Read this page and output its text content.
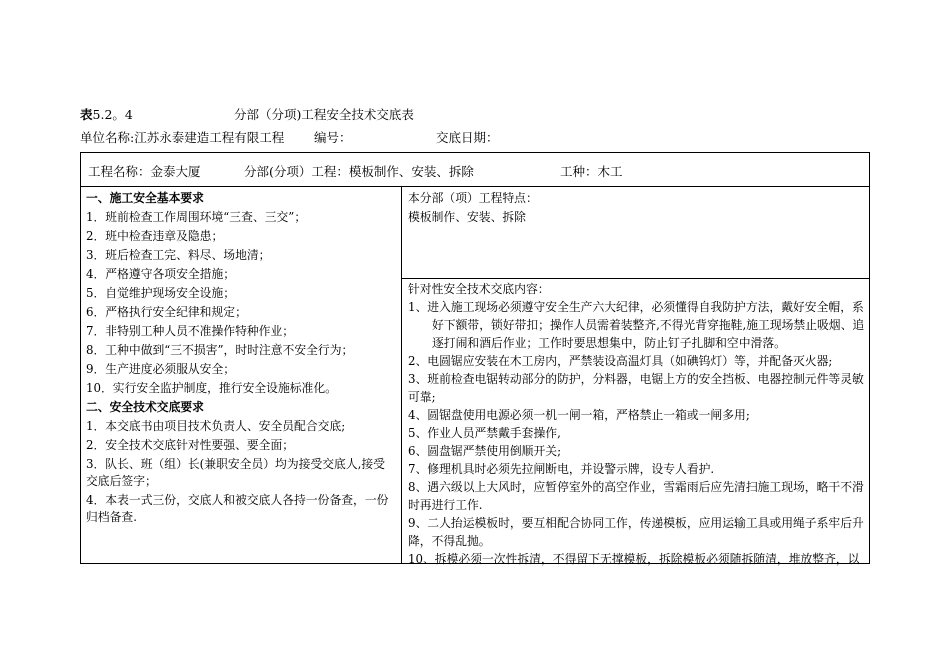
表5.2。4	分部（分项)工程安全技术交底表
单位名称:江苏永泰建造工程有限工程 编号：	交底日期：
工程名称：金泰大厦	分部(分项）工程：模板制作、安装、拆除	工种：木工
一、施工安全基本要求
1．班前检查工作周围环境“三查、三交”；
2．班中检查违章及隐患；
3．班后检查工完、料尽、场地清；
4．严格遵守各项安全措施；
5．自觉维护现场安全设施；
6．严格执行安全纪律和规定；
7．非特别工种人员不准操作特种作业；
8．工种中做到“三不损害”，时时注意不安全行为；
9．生产进度必须服从安全；
10．实行安全监护制度，推行安全设施标准化。
二、安全技术交底要求
1．本交底书由项目技术负责人、安全员配合交底;
2．安全技术交底针对性要强、要全面；
3．队长、班（组）长(兼职安全员）均为接受交底人,接受
交底后签字；
4．本表一式三份，交底人和被交底人各持一份备查，一份
归档备查.
本分部（项）工程特点：
模板制作、安装、拆除
针对性安全技术交底内容：
1、进入施工现场必须遵守安全生产六大纪律，必须懂得自我防护方法，戴好安全帽，系
好下额带，锁好带扣；操作人员需着装整齐,不得光背穿拖鞋,施工现场禁止吸烟、追
逐打闹和酒后作业；工作时要思想集中，防止钉子扎脚和空中滑落。
2、电圆锯应安装在木工房内，严禁装设高温灯具（如碘钨灯）等，并配备灭火器;
3、班前检查电锯转动部分的防护，分料器，电锯上方的安全挡板、电器控制元件等灵敏
可靠;
4、圆锯盘使用电源必须一机一闸一箱，严格禁止一箱或一闸多用;
5、作业人员严禁戴手套操作,
6、圆盘锯严禁使用倒顺开关;
7、修理机具时必须先拉闸断电，并设警示牌，设专人看护.
8、遇六级以上大风时，应暂停室外的高空作业，雪霜雨后应先清扫施工现场，略干不滑
时再进行工作.
9、二人抬运模板时，要互相配合协同工作，传递模板，应用运输工具或用绳子系牢后升
降，不得乱抛。
10、拆模必须一次性拆清，不得留下无撑模板，拆除模板必须随拆随清，堆放整齐，以
